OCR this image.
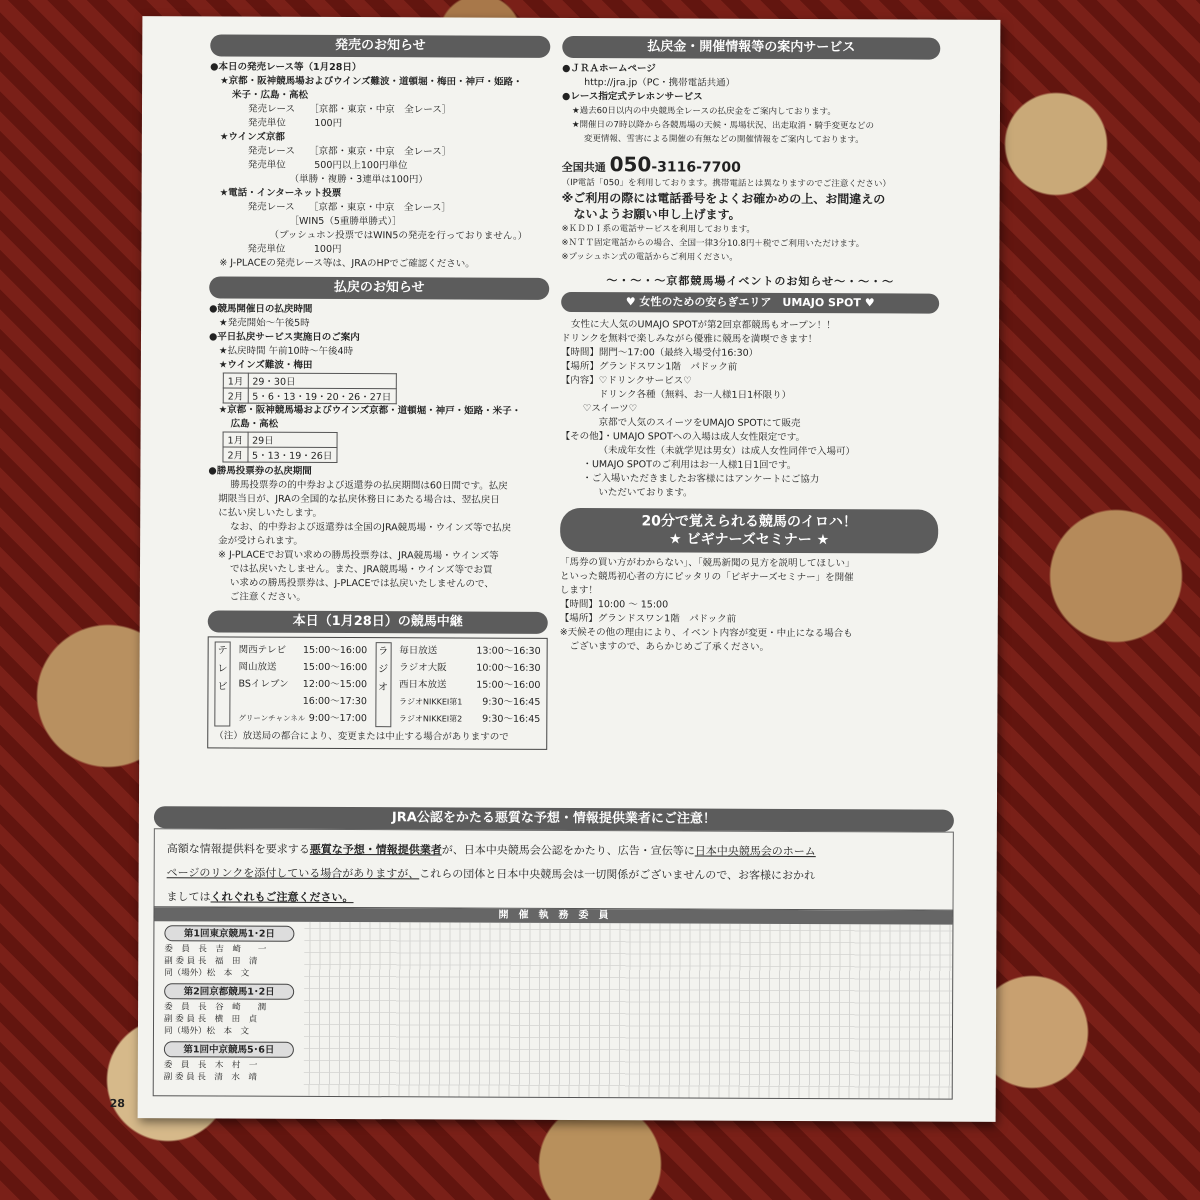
発売のお知らせ
●本日の発売レース等（1月28日）
★京都・阪神競馬場およびウインズ難波・道頓堀・梅田・神戸・姫路・
米子・広島・高松
発売レース　　［京都・東京・中京　全レース］
発売単位　　　100円
★ウインズ京都
発売レース　　［京都・東京・中京　全レース］
発売単位　　　500円以上100円単位
（単勝・複勝・3連単は100円）
★電話・インターネット投票
発売レース　　［京都・東京・中京　全レース］
［WIN5（5重勝単勝式）］
（プッシュホン投票ではWIN5の発売を行っておりません。）
発売単位　　　100円
※ J-PLACEの発売レース等は、JRAのHPでご確認ください。
払戻のお知らせ
●競馬開催日の払戻時間
★発売開始〜午後5時
●平日払戻サービス実施日のご案内
★払戻時間 午前10時〜午後4時
★ウインズ難波・梅田
1月	29・30日
2月	5・6・13・19・20・26・27日
★京都・阪神競馬場およびウインズ京都・道頓堀・神戸・姫路・米子・
広島・高松
1月	29日
2月	5・13・19・26日
●勝馬投票券の払戻期間
勝馬投票券の的中券および返還券の払戻期間は60日間です。払戻
期限当日が、JRAの全国的な払戻休務日にあたる場合は、翌払戻日
に払い戻しいたします。
なお、的中券および返還券は全国のJRA競馬場・ウインズ等で払戻
金が受けられます。
※ J-PLACEでお買い求めの勝馬投票券は、JRA競馬場・ウインズ等
では払戻いたしません。また、JRA競馬場・ウインズ等でお買
い求めの勝馬投票券は、J-PLACEでは払戻いたしませんので、
ご注意ください。
本日（1月28日）の競馬中継
テレビ
関西テレビ 15:00〜16:00
岡山放送	15:00〜16:00
BSイレブン 12:00〜15:00
16:00〜17:30
グリーンチャンネル 9:00〜17:00
ラジオ
毎日放送	13:00〜16:30
ラジオ大阪	10:00〜16:30
西日本放送	15:00〜16:00
ラジオNIKKEI第1 9:30〜16:45
ラジオNIKKEI第2 9:30〜16:45
（注）放送局の都合により、変更または中止する場合がありますので
払戻金・開催情報等の案内サービス
●ＪＲＡホームページ
http://jra.jp（PC・携帯電話共通）
●レース指定式テレホンサービス
★過去60日以内の中央競馬全レースの払戻金をご案内しております。
★開催日の7時以降から各競馬場の天候・馬場状況、出走取消・騎手変更などの
変更情報、雪害による開催の有無などの開催情報をご案内しております。
全国共通 050-3116-7700
（IP電話「050」を利用しております。携帯電話とは異なりますのでご注意ください）
※ご利用の際には電話番号をよくお確かめの上、お間違えの
ないようお願い申し上げます。
※ＫＤＤＩ系の電話サービスを利用しております。
※ＮＴＴ固定電話からの場合、全国一律3分10.8円＋税でご利用いただけます。
※プッシュホン式の電話からご利用ください。
〜・〜・〜京都競馬場イベントのお知らせ〜・〜・〜
♥ 女性のための安らぎエリア　UMAJO SPOT ♥
女性に大人気のUMAJO SPOTが第2回京都競馬もオープン！！
ドリンクを無料で楽しみながら優雅に競馬を満喫できます！
【時間】開門〜17:00（最終入場受付16:30）
【場所】グランドスワン1階　パドック前
【内容】♡ドリンクサービス♡
ドリンク各種（無料、お一人様1日1杯限り）
♡スイーツ♡
京都で人気のスイーツをUMAJO SPOTにて販売
【その他】・UMAJO SPOTへの入場は成人女性限定です。
（未成年女性（未就学児は男女）は成人女性同伴で入場可）
・UMAJO SPOTのご利用はお一人様1日1回です。
・ご入場いただきましたお客様にはアンケートにご協力
いただいております。
20分で覚えられる競馬のイロハ！
★ ビギナーズセミナー ★
「馬券の買い方がわからない」、「競馬新聞の見方を説明してほしい」
といった競馬初心者の方にピッタリの「ビギナーズセミナー」を開催
します！
【時間】10:00 〜 15:00
【場所】グランドスワン1階　パドック前
※天候その他の理由により、イベント内容が変更・中止になる場合も
ございますので、あらかじめご了承ください。
JRA公認をかたる悪質な予想・情報提供業者にご注意！

高額な情報提供料を要求する悪質な予想・情報提供業者が、日本中央競馬会公認をかたり、広告・宣伝等に日本中央競馬会のホーム

ページのリンクを添付している場合がありますが、これらの団体と日本中央競馬会は一切関係がございませんので、お客様におかれ

ましてはくれぐれもご注意ください。

開　催　執　務　委　員
第1回東京競馬1･2日
委　員　長　吉　崎　　一
副 委 員 長　福　田　清
同（場外）松　本　文
第2回京都競馬1･2日
委　員　長　谷　崎　　潤
副 委 員 長　横　田　貞
同（場外）松　本　文
第1回中京競馬5･6日
委　員　長　木　村　一
副 委 員 長　清　水　靖
28
